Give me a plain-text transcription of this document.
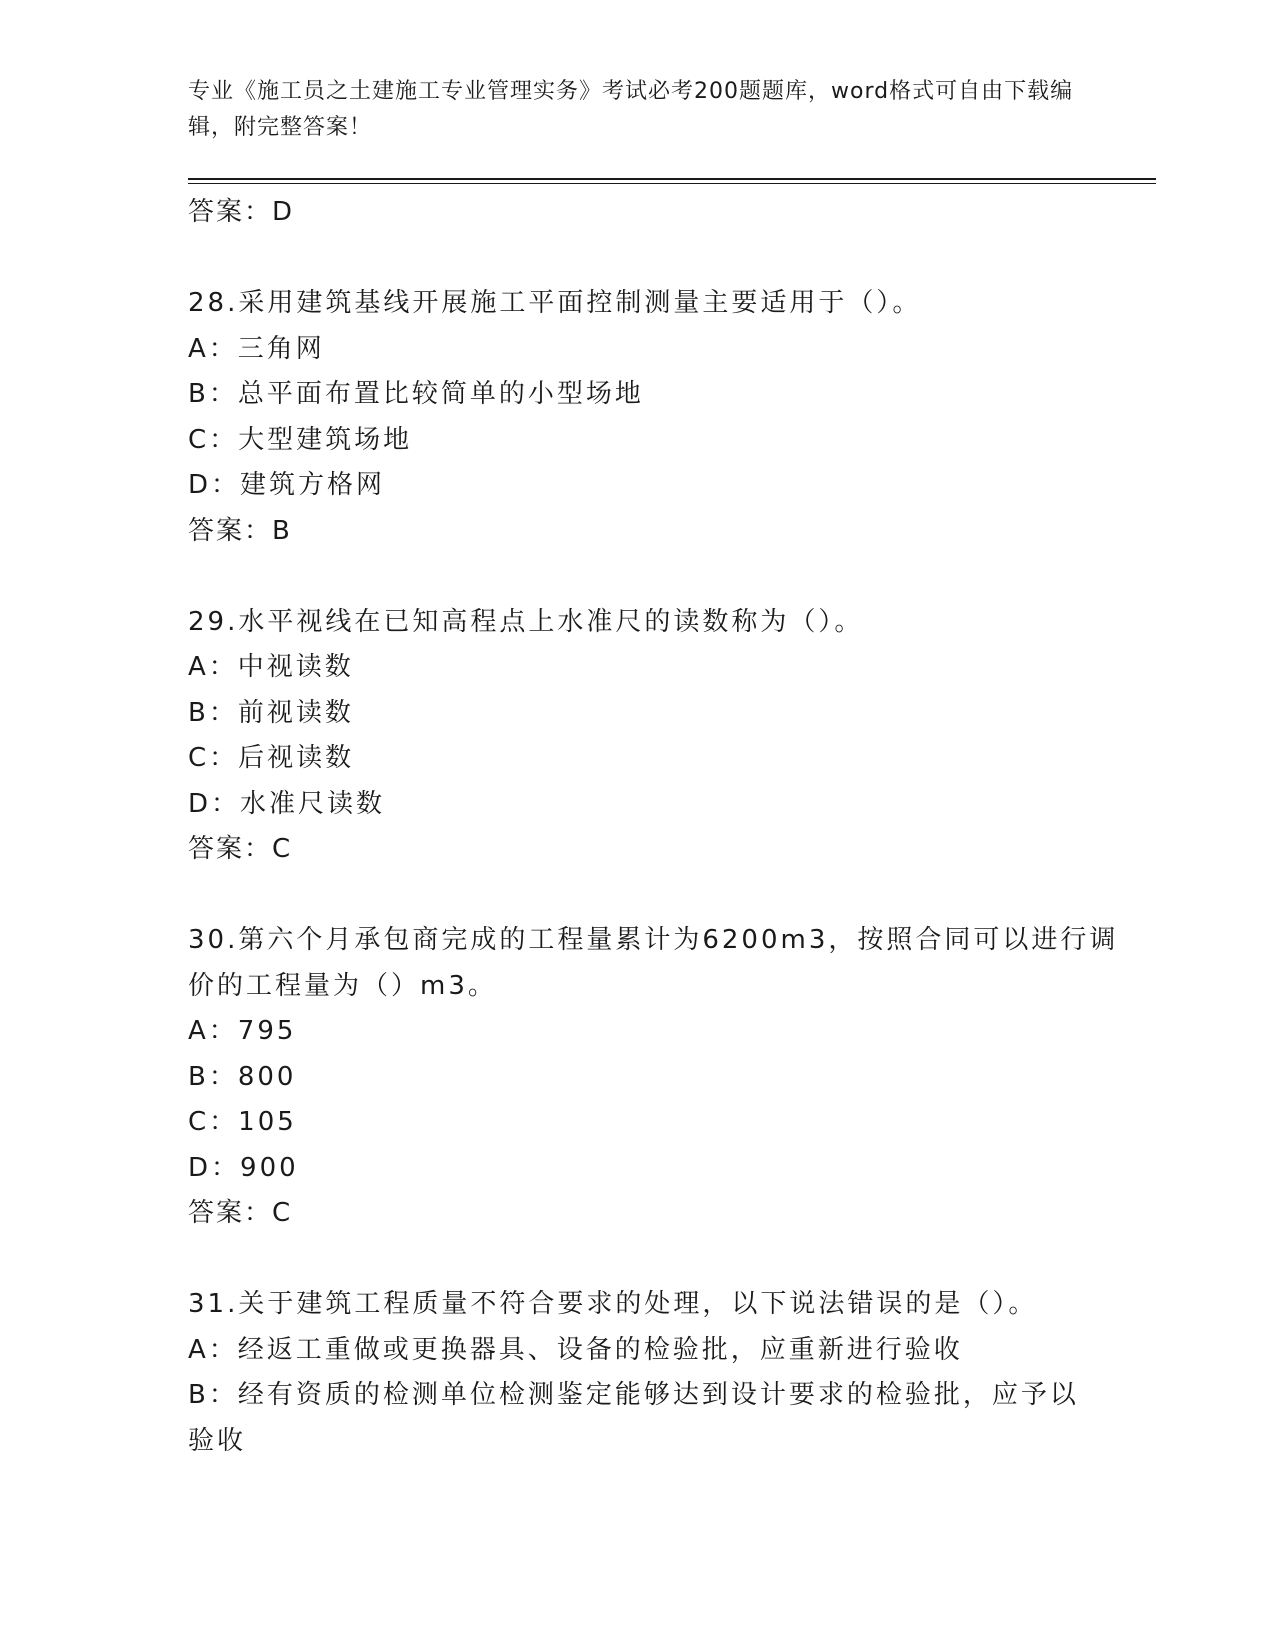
专业《施工员之土建施工专业管理实务》考试必考200题题库，word格式可自由下载编辑，附完整答案！
答案：D
28.采用建筑基线开展施工平面控制测量主要适用于（）。
A：三角网
B：总平面布置比较简单的小型场地
C：大型建筑场地
D：建筑方格网
答案：B
29.水平视线在已知高程点上水准尺的读数称为（）。
A：中视读数
B：前视读数
C：后视读数
D：水准尺读数
答案：C
30.第六个月承包商完成的工程量累计为6200m3，按照合同可以进行调
价的工程量为（）m3。
A：795
B：800
C：105
D：900
答案：C
31.关于建筑工程质量不符合要求的处理，以下说法错误的是（）。
A：经返工重做或更换器具、设备的检验批，应重新进行验收
B：经有资质的检测单位检测鉴定能够达到设计要求的检验批，应予以
验收
